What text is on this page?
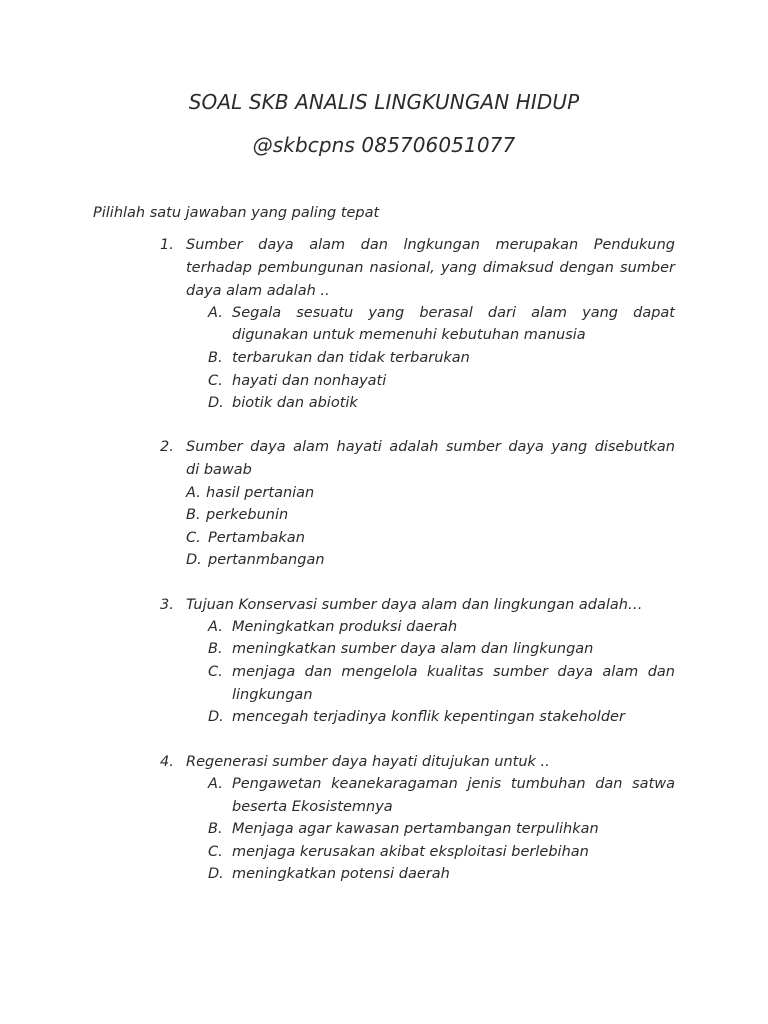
SOAL SKB ANALIS LINGKUNGAN HIDUP
@skbcpns 085706051077
Pilihlah satu jawaban yang paling tepat
1. Sumber daya alam dan lngkungan merupakan Pendukung
terhadap pembungunan nasional, yang dimaksud dengan sumber
daya alam adalah ..
A. Segala sesuatu yang berasal dari alam yang dapat
digunakan untuk memenuhi kebutuhan manusia
B. terbarukan dan tidak terbarukan
C. hayati dan nonhayati
D. biotik dan abiotik
2. Sumber daya alam hayati adalah sumber daya yang disebutkan
di bawab
A. hasil pertanian
B. perkebunin
C. Pertambakan
D. pertanmbangan
3. Tujuan Konservasi sumber daya alam dan lingkungan adalah…
A. Meningkatkan produksi daerah
B. meningkatkan sumber daya alam dan lingkungan
C. menjaga dan mengelola kualitas sumber daya alam dan
lingkungan
D. mencegah terjadinya konflik kepentingan stakeholder
4. Regenerasi sumber daya hayati ditujukan untuk ..
A. Pengawetan keanekaragaman jenis tumbuhan dan satwa
beserta Ekosistemnya
B. Menjaga agar kawasan pertambangan terpulihkan
C. menjaga kerusakan akibat eksploitasi berlebihan
D. meningkatkan potensi daerah
